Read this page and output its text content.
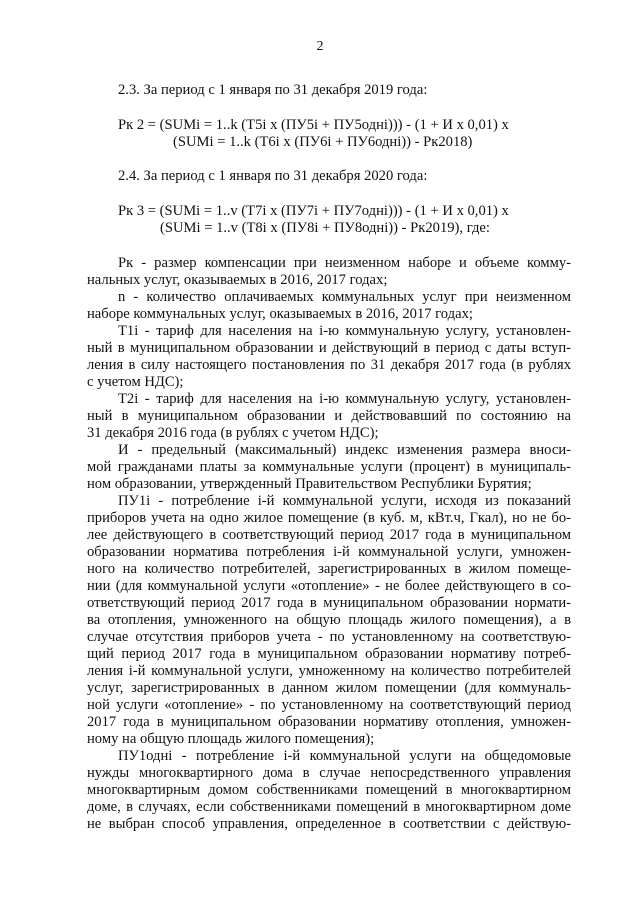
2
2.3. За период с 1 января по 31 декабря 2019 года:
Рк 2 = (SUMi = 1..k (T5i x (ПУ5i + ПУ5одні))) - (1 + И x 0,01) x
(SUMi = 1..k (T6i x (ПУ6i + ПУ6одні)) - Рк2018)
2.4. За период с 1 января по 31 декабря 2020 года:
Рк 3 = (SUMi = 1..v (T7i x (ПУ7i + ПУ7одні))) - (1 + И x 0,01) x
(SUMi = 1..v (T8i x (ПУ8i + ПУ8одні)) - Рк2019), где:
Рк - размер компенсации при неизменном наборе и объеме комму-
нальных услуг, оказываемых в 2016, 2017 годах;
n - количество оплачиваемых коммунальных услуг при неизменном
наборе коммунальных услуг, оказываемых в 2016, 2017 годах;
T1i - тариф для населения на i-ю коммунальную услугу, установлен-
ный в муниципальном образовании и действующий в период с даты вступ-
ления в силу настоящего постановления по 31 декабря 2017 года (в рублях
с учетом НДС);
T2i - тариф для населения на i-ю коммунальную услугу, установлен-
ный в муниципальном образовании и действовавший по состоянию на
31 декабря 2016 года (в рублях с учетом НДС);
И - предельный (максимальный) индекс изменения размера вноси-
мой гражданами платы за коммунальные услуги (процент) в муниципаль-
ном образовании, утвержденный Правительством Республики Бурятия;
ПУ1i - потребление i-й коммунальной услуги, исходя из показаний
приборов учета на одно жилое помещение (в куб. м, кВт.ч, Гкал), но не бо-
лее действующего в соответствующий период 2017 года в муниципальном
образовании норматива потребления i-й коммунальной услуги, умножен-
ного на количество потребителей, зарегистрированных в жилом помеще-
нии (для коммунальной услуги «отопление» - не более действующего в со-
ответствующий период 2017 года в муниципальном образовании нормати-
ва отопления, умноженного на общую площадь жилого помещения), а в
случае отсутствия приборов учета - по установленному на соответствую-
щий период 2017 года в муниципальном образовании нормативу потреб-
ления i-й коммунальной услуги, умноженному на количество потребителей
услуг, зарегистрированных в данном жилом помещении (для коммуналь-
ной услуги «отопление» - по установленному на соответствующий период
2017 года в муниципальном образовании нормативу отопления, умножен-
ному на общую площадь жилого помещения);
ПУ1одні - потребление i-й коммунальной услуги на общедомовые
нужды многоквартирного дома в случае непосредственного управления
многоквартирным домом собственниками помещений в многоквартирном
доме, в случаях, если собственниками помещений в многоквартирном доме
не выбран способ управления, определенное в соответствии с действую-
